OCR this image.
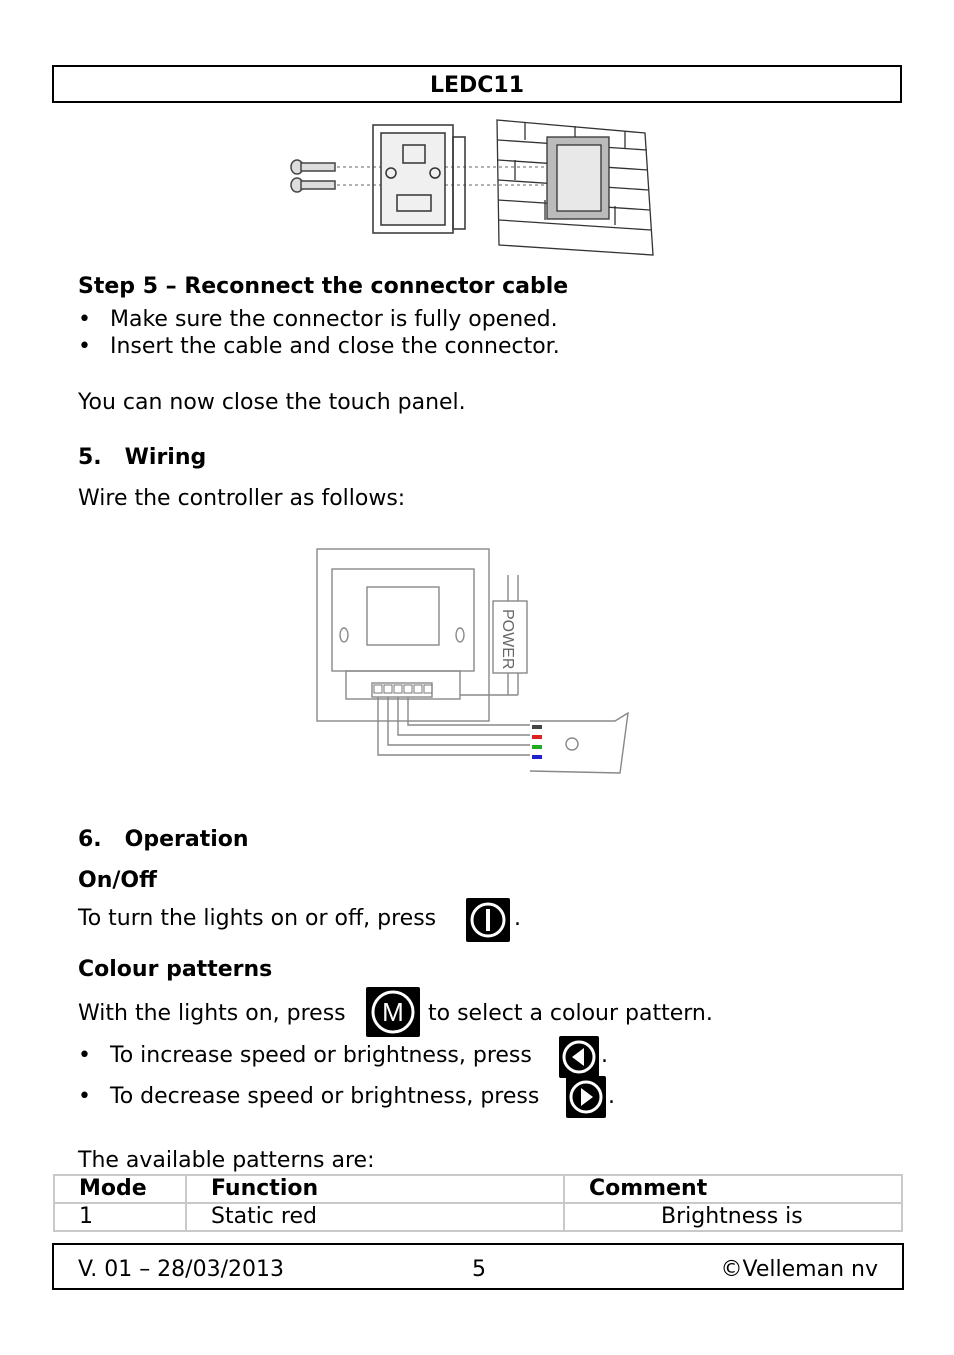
LEDC11
Step 5 – Reconnect the connector cable
• Make sure the connector is fully opened.
• Insert the cable and close the connector.
You can now close the touch panel.
5.   Wiring
Wire the controller as follows:
POWER
6.   Operation
On/Off
To turn the lights on or off, press	.
Colour patterns
With the lights on, press M to select a colour pattern.
• To increase speed or brightness, press	.
• To decrease speed or brightness, press	.
The available patterns are:
Mode	Function	Comment
1	Static red	Brightness is
V. 01 – 28/03/2013	5	©Velleman nv
